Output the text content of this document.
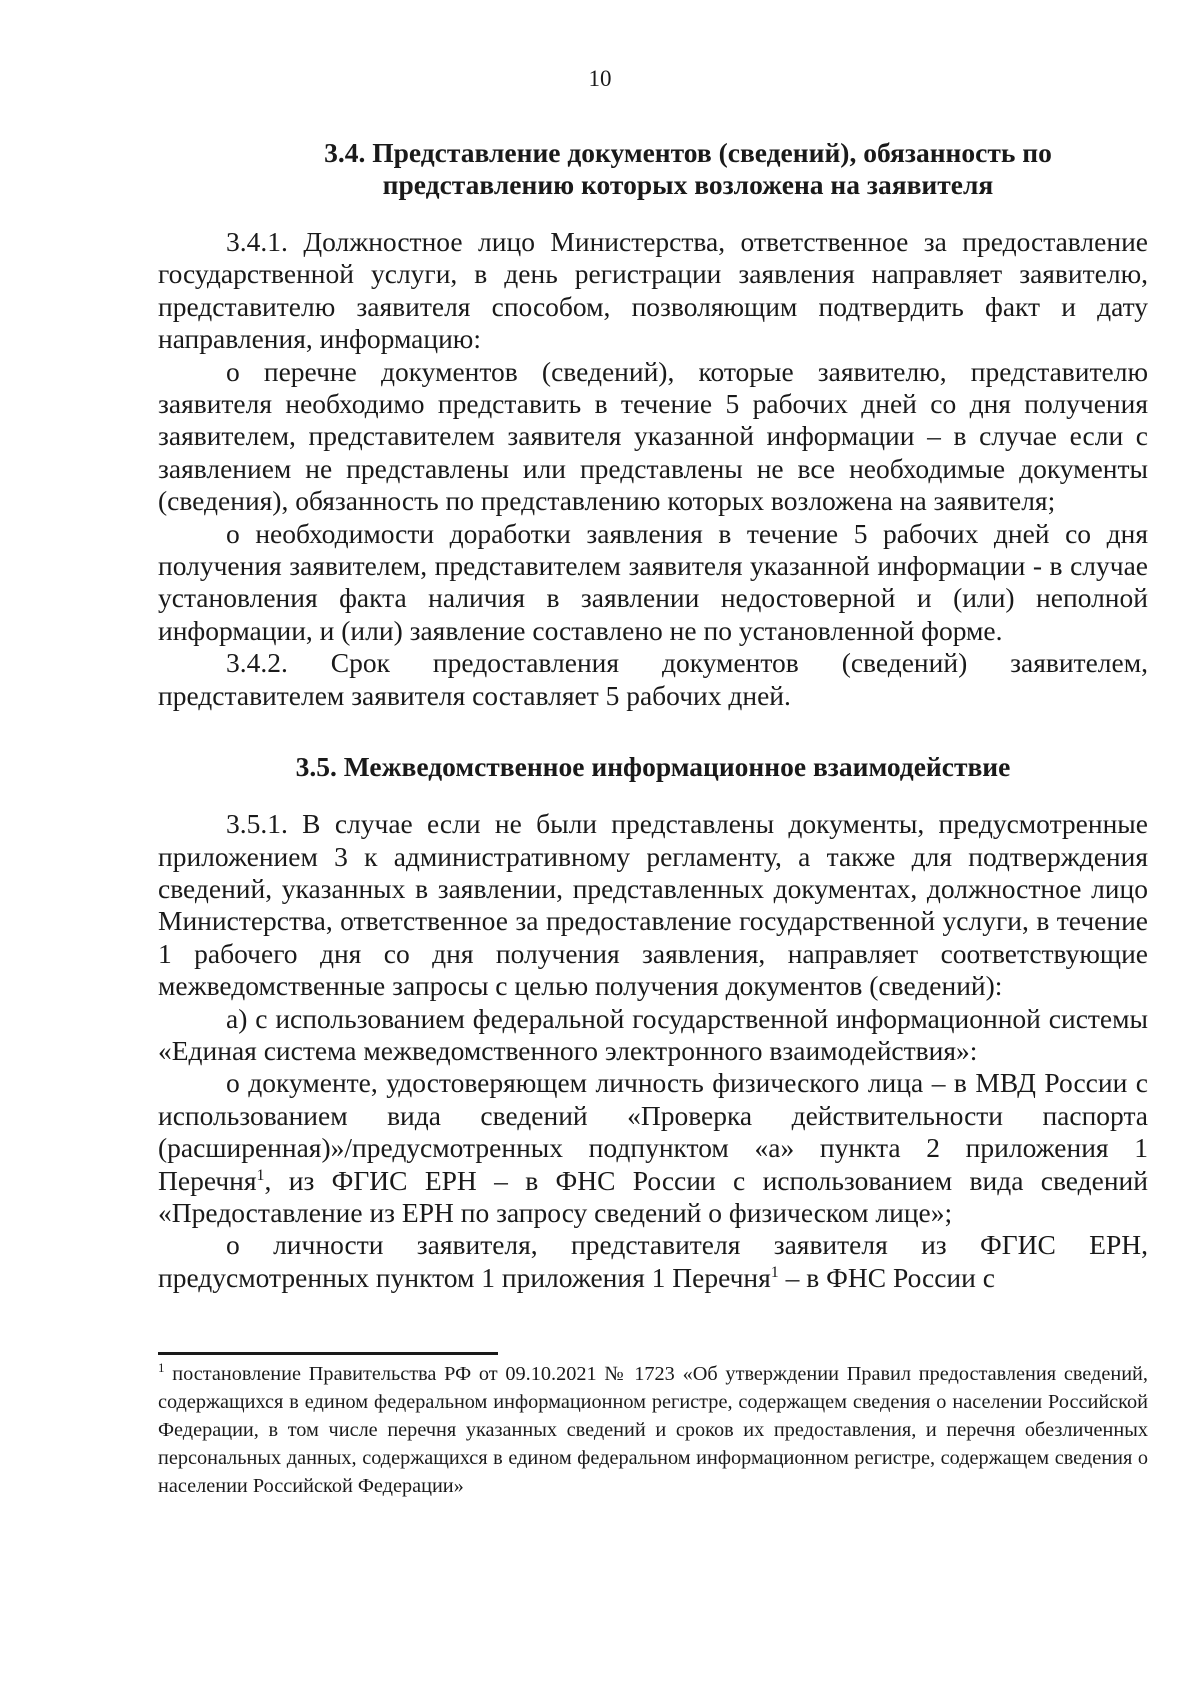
10
3.4. Представление документов (сведений), обязанность по
представлению которых возложена на заявителя

3.4.1. Должностное лицо Министерства, ответственное за предоставление государственной услуги, в день регистрации заявления направляет заявителю, представителю заявителя способом, позволяющим подтвердить факт и дату направления, информацию:

о перечне документов (сведений), которые заявителю, представителю заявителя необходимо представить в течение 5 рабочих дней со дня получения заявителем, представителем заявителя указанной информации – в случае если с заявлением не представлены или представлены не все необходимые документы (сведения), обязанность по представлению которых возложена на заявителя;

о необходимости доработки заявления в течение 5 рабочих дней со дня получения заявителем, представителем заявителя указанной информации - в случае установления факта наличия в заявлении недостоверной и (или) неполной информации, и (или) заявление составлено не по установленной форме.

3.4.2. Срок предоставления документов (сведений) заявителем, представителем заявителя составляет 5 рабочих дней.

3.5. Межведомственное информационное взаимодействие

3.5.1. В случае если не были представлены документы, предусмотренные приложением 3 к административному регламенту, а также для подтверждения сведений, указанных в заявлении, представленных документах, должностное лицо Министерства, ответственное за предоставление государственной услуги, в течение 1 рабочего дня со дня получения заявления, направляет соответствующие межведомственные запросы с целью получения документов (сведений):

а) с использованием федеральной государственной информационной системы «Единая система межведомственного электронного взаимодействия»:

о документе, удостоверяющем личность физического лица – в МВД России с использованием вида сведений «Проверка действительности паспорта (расширенная)»/предусмотренных подпунктом «а» пункта 2 приложения 1 Перечня$^1$, из ФГИС ЕРН – в ФНС России с использованием вида сведений «Предоставление из ЕРН по запросу сведений о физическом лице»;

о личности заявителя, представителя заявителя из ФГИС ЕРН, предусмотренных пунктом 1 приложения 1 Перечня$^1$ – в ФНС России с

$^1$ постановление Правительства РФ от 09.10.2021 № 1723 «Об утверждении Правил предоставления сведений, содержащихся в едином федеральном информационном регистре, содержащем сведения о населении Российской Федерации, в том числе перечня указанных сведений и сроков их предоставления, и перечня обезличенных персональных данных, содержащихся в едином федеральном информационном регистре, содержащем сведения о населении Российской Федерации»
